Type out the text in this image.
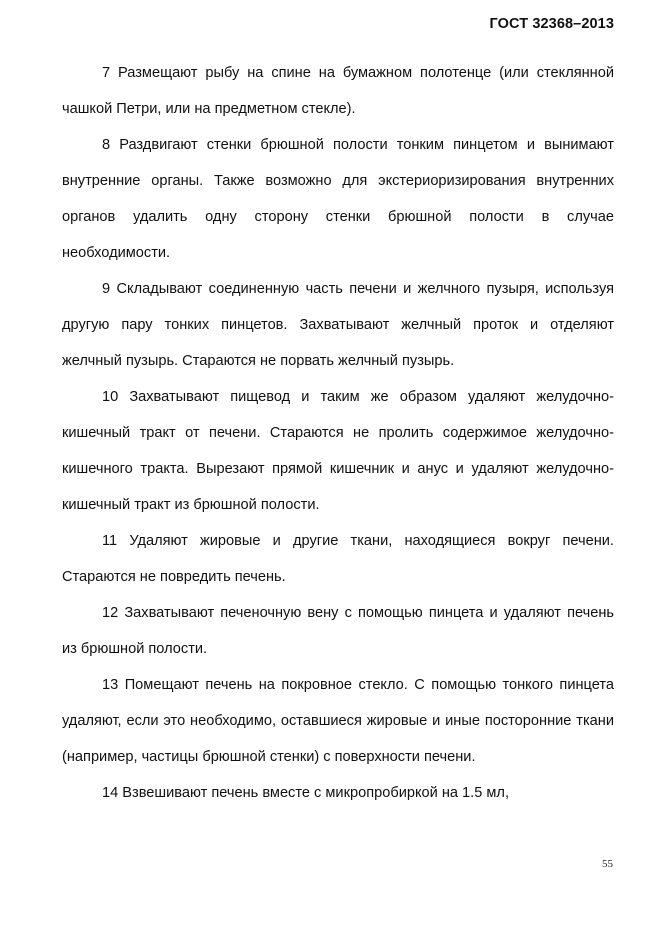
ГОСТ 32368–2013

7 Размещают рыбу на спине на бумажном полотенце (или стеклянной чашкой Петри, или на предметном стекле).

8 Раздвигают стенки брюшной полости тонким пинцетом и вынимают внутренние органы. Также возможно для экстериоризирования внутренних органов удалить одну сторону стенки брюшной полости в случае необходимости.

9 Складывают соединенную часть печени и желчного пузыря, используя другую пару тонких пинцетов. Захватывают желчный проток и отделяют желчный пузырь. Стараются не порвать желчный пузырь.

10 Захватывают пищевод и таким же образом удаляют желудочно-кишечный тракт от печени. Стараются не пролить содержимое желудочно-кишечного тракта. Вырезают прямой кишечник и анус и удаляют желудочно-кишечный тракт из брюшной полости.

11 Удаляют жировые и другие ткани, находящиеся вокруг печени. Стараются не повредить печень.

12 Захватывают печеночную вену с помощью пинцета и удаляют печень из брюшной полости.

13 Помещают печень на покровное стекло. С помощью тонкого пинцета удаляют, если это необходимо, оставшиеся жировые и иные посторонние ткани (например, частицы брюшной стенки) с поверхности печени.

14 Взвешивают печень вместе с микропробиркой на 1.5 мл,

55
